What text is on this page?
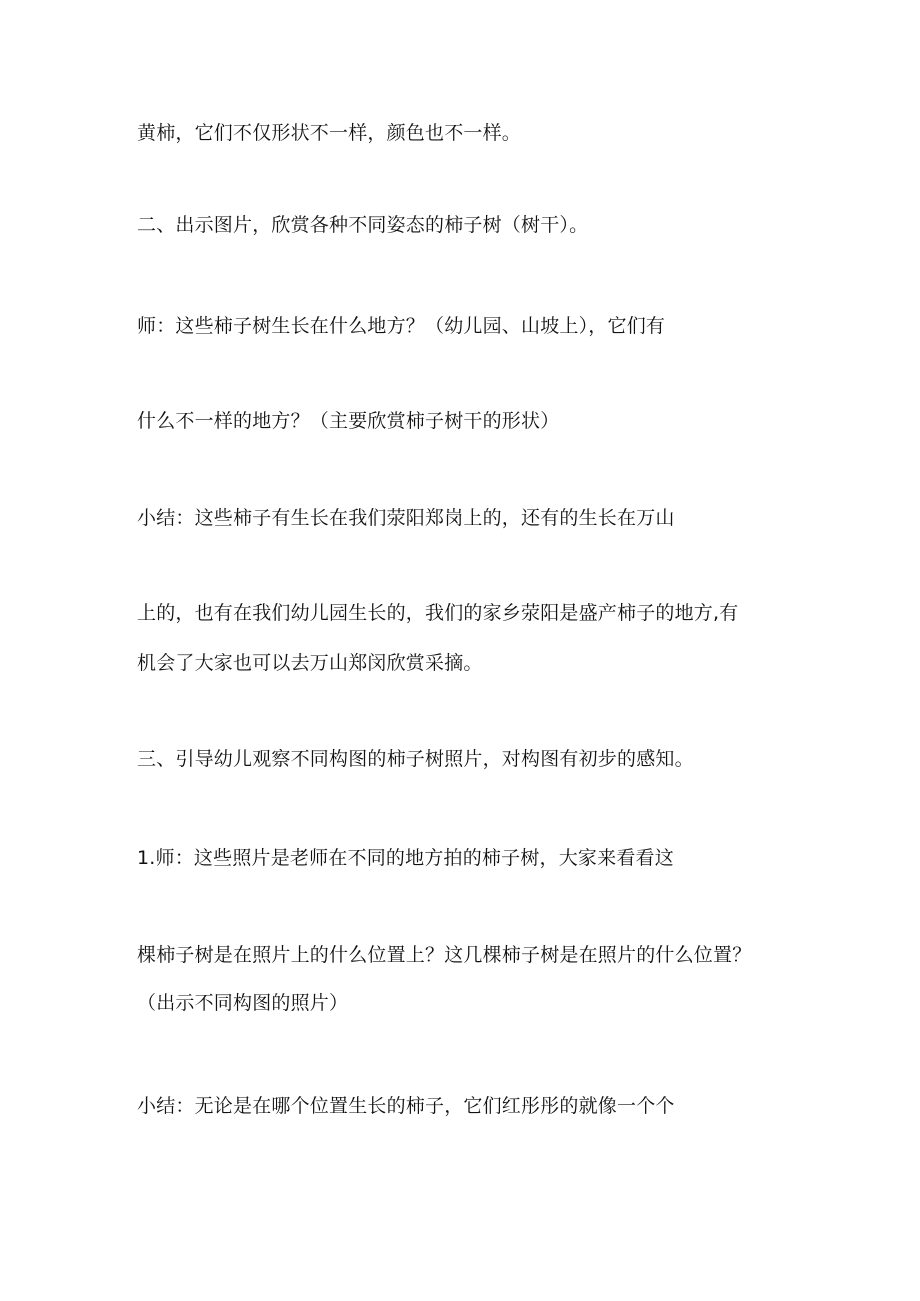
黄柿，它们不仅形状不一样，颜色也不一样。
二、出示图片，欣赏各种不同姿态的柿子树（树干）。
师：这些柿子树生长在什么地方？（幼儿园、山坡上），它们有
什么不一样的地方？（主要欣赏柿子树干的形状）
小结：这些柿子有生长在我们荥阳郑岗上的，还有的生长在万山
上的，也有在我们幼儿园生长的，我们的家乡荥阳是盛产柿子的地方,有
机会了大家也可以去万山郑闵欣赏采摘。
三、引导幼儿观察不同构图的柿子树照片，对构图有初步的感知。
1.师：这些照片是老师在不同的地方拍的柿子树，大家来看看这
棵柿子树是在照片上的什么位置上？这几棵柿子树是在照片的什么位置？
（出示不同构图的照片）
小结：无论是在哪个位置生长的柿子，它们红彤彤的就像一个个
